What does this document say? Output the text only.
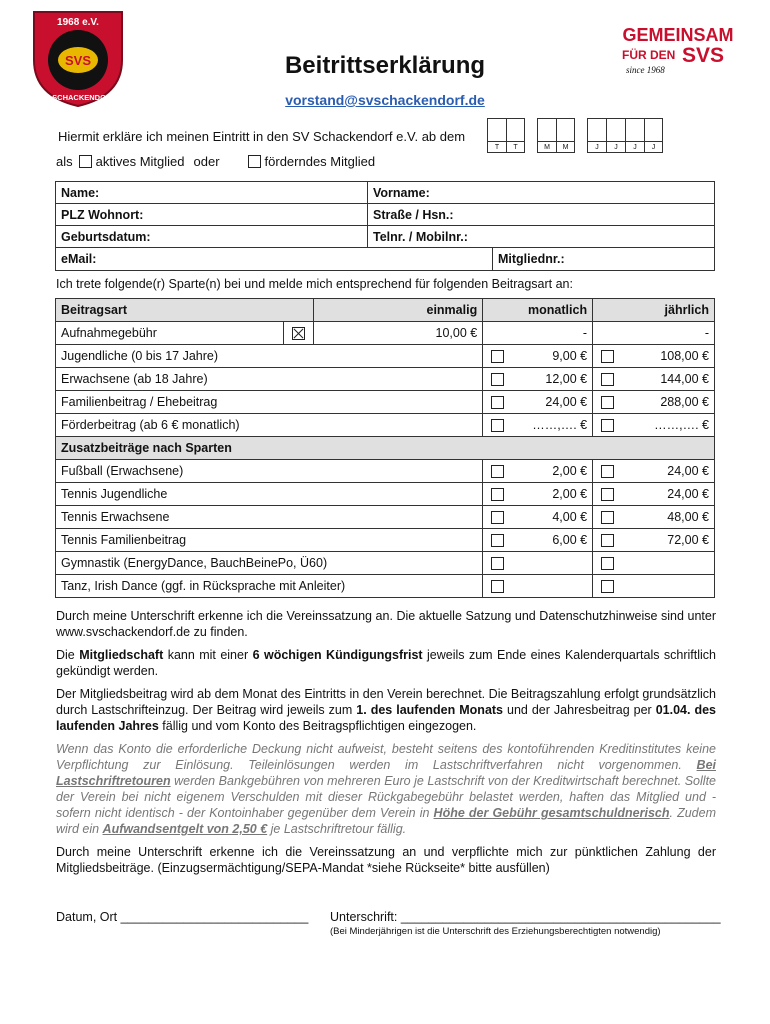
1968 e.V.
SVS
SV SCHACKENDORF
Beitrittserklärung
vorstand@svschackendorf.de
GEMEINSAM
FÜR DEN SVS
since 1968
Hiermit erkläre ich meinen Eintritt in den SV Schackendorf e.V. ab dem
T	T	M	M	J	J	J	J
als aktives Mitglied oder	förderndes Mitglied
Name:	Vorname:
PLZ Wohnort:	Straße / Hsn.:
Geburtsdatum:	Telnr. / Mobilnr.:

eMail: Mitgliednr.:	
Ich trete folgende(r) Sparte(n) bei und melde mich entsprechend für folgenden Beitragsart an:
Beitragsart		einmalig	monatlich		jährlich	
Aufnahmegebühr		10,00 €	-		-	
Jugendliche (0 bis 17 Jahre)				9,00 €		108,00 €
Erwachsene (ab 18 Jahre)				12,00 €		144,00 €
Familienbeitrag / Ehebeitrag				24,00 €		288,00 €
Förderbeitrag (ab 6 € monatlich)				……,…. €		……,…. €
Zusatzbeiträge nach Sparten						
Fußball (Erwachsene)				2,00 €		24,00 €
Tennis Jugendliche				2,00 €		24,00 €
Tennis Erwachsene				4,00 €		48,00 €
Tennis Familienbeitrag				6,00 €		72,00 €
Gymnastik (EnergyDance, BauchBeinePo, Ü60)						
Tanz, Irish Dance (ggf. in Rücksprache mit Anleiter)						

Durch meine Unterschrift erkenne ich die Vereinssatzung an. Die aktuelle Satzung und Datenschutzhinweise sind unter www.svschackendorf.de zu finden.

Die Mitgliedschaft kann mit einer 6 wöchigen Kündigungsfrist jeweils zum Ende eines Kalenderquartals schriftlich gekündigt werden.

Der Mitgliedsbeitrag wird ab dem Monat des Eintritts in den Verein berechnet. Die Beitragszahlung erfolgt grundsätzlich durch Lastschrifteinzug. Der Beitrag wird jeweils zum 1. des laufenden Monats und der Jahresbeitrag per 01.04. des laufenden Jahres fällig und vom Konto des Beitragspflichtigen eingezogen.

Wenn das Konto die erforderliche Deckung nicht aufweist, besteht seitens des kontoführenden Kreditinstitutes keine Verpflichtung zur Einlösung. Teileinlösungen werden im Lastschriftverfahren nicht vorgenommen. Bei Lastschriftretouren werden Bankgebühren von mehreren Euro je Lastschrift von der Kreditwirtschaft berechnet. Sollte der Verein bei nicht eigenem Verschulden mit dieser Rückgabegebühr belastet werden, haften das Mitglied und - sofern nicht identisch - der Kontoinhaber gegenüber dem Verein in Höhe der Gebühr gesamtschuldnerisch. Zudem wird ein Aufwandsentgelt von 2,50 € je Lastschriftretour fällig.

Durch meine Unterschrift erkenne ich die Vereinssatzung an und verpflichte mich zur pünktlichen Zahlung der Mitgliedsbeiträge. (Einzugsermächtigung/SEPA-Mandat *siehe Rückseite* bitte ausfüllen)

Datum, Ort ___________________________ Unterschrift: ______________________________________________
(Bei Minderjährigen ist die Unterschrift des Erziehungsberechtigten notwendig)
